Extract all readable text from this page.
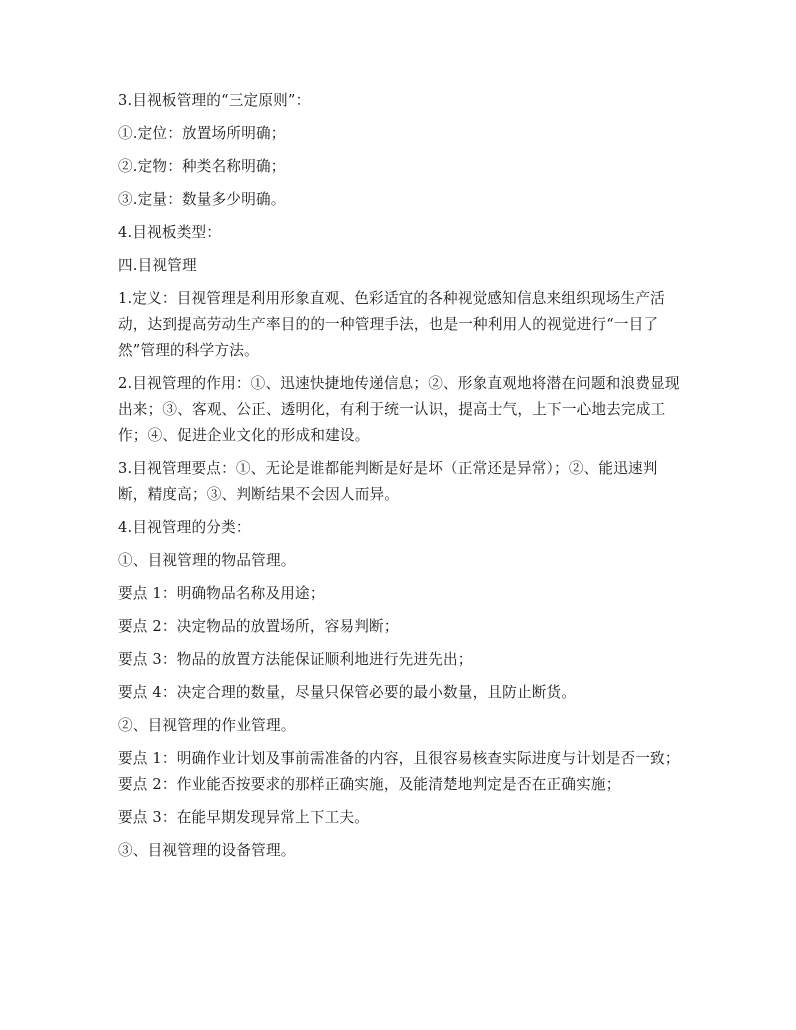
3.目视板管理的“三定原则”：

①.定位：放置场所明确；

②.定物：种类名称明确；

③.定量：数量多少明确。

4.目视板类型：

四.目视管理

1.定义：目视管理是利用形象直观、色彩适宜的各种视觉感知信息来组织现场生产活动，达到提高劳动生产率目的的一种管理手法，也是一种利用人的视觉进行“一目了然”管理的科学方法。

2.目视管理的作用：①、迅速快捷地传递信息；②、形象直观地将潜在问题和浪费显现出来；③、客观、公正、透明化，有利于统一认识，提高士气，上下一心地去完成工作；④、促进企业文化的形成和建设。

3.目视管理要点：①、无论是谁都能判断是好是坏（正常还是异常）；②、能迅速判断，精度高；③、判断结果不会因人而异。

4.目视管理的分类：

①、目视管理的物品管理。

要点 1：明确物品名称及用途；

要点 2：决定物品的放置场所，容易判断；

要点 3：物品的放置方法能保证顺利地进行先进先出；

要点 4：决定合理的数量，尽量只保管必要的最小数量，且防止断货。

②、目视管理的作业管理。

要点 1：明确作业计划及事前需准备的内容，且很容易核查实际进度与计划是否一致；要点 2：作业能否按要求的那样正确实施，及能清楚地判定是否在正确实施；

要点 3：在能早期发现异常上下工夫。

③、目视管理的设备管理。
